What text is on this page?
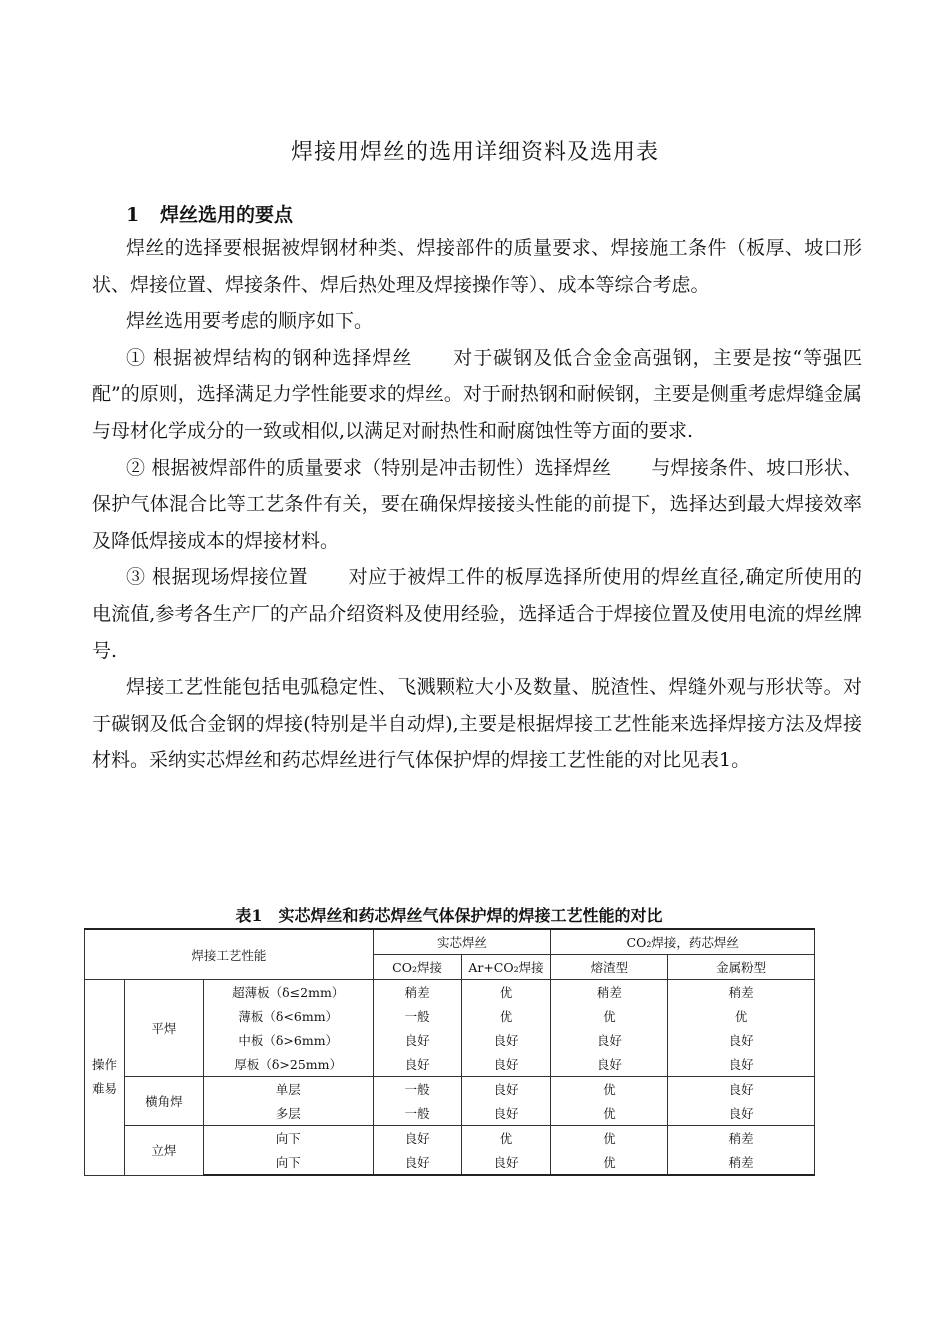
焊接用焊丝的选用详细资料及选用表
1 焊丝选用的要点

焊丝的选择要根据被焊钢材种类、焊接部件的质量要求、焊接施工条件（板厚、坡口形状、焊接位置、焊接条件、焊后热处理及焊接操作等）、成本等综合考虑。

焊丝选用要考虑的顺序如下。

① 根据被焊结构的钢种选择焊丝 对于碳钢及低合金金高强钢，主要是按“等强匹配”的原则，选择满足力学性能要求的焊丝。对于耐热钢和耐候钢，主要是侧重考虑焊缝金属与母材化学成分的一致或相似,以满足对耐热性和耐腐蚀性等方面的要求.

② 根据被焊部件的质量要求（特别是冲击韧性）选择焊丝 与焊接条件、坡口形状、保护气体混合比等工艺条件有关，要在确保焊接接头性能的前提下，选择达到最大焊接效率及降低焊接成本的焊接材料。

③ 根据现场焊接位置 对应于被焊工件的板厚选择所使用的焊丝直径,确定所使用的电流值,参考各生产厂的产品介绍资料及使用经验，选择适合于焊接位置及使用电流的焊丝牌号.

焊接工艺性能包括电弧稳定性、飞溅颗粒大小及数量、脱渣性、焊缝外观与形状等。对于碳钢及低合金钢的焊接(特别是半自动焊),主要是根据焊接工艺性能来选择焊接方法及焊接材料。采纳实芯焊丝和药芯焊丝进行气体保护焊的焊接工艺性能的对比见表1。

表1　实芯焊丝和药芯焊丝气体保护焊的焊接工艺性能的对比
焊接工艺性能			实芯焊丝		CO₂焊接，药芯焊丝	
			CO₂焊接	Ar+CO₂焊接	熔渣型	金属粉型
操作难易	平焊	超薄板（δ≤2mm）	稍差	优	稍差	稍差
		薄板（δ<6mm）	一般	优	优	优
		中板（δ>6mm）	良好	良好	良好	良好
		厚板（δ>25mm）	良好	良好	良好	良好
	横角焊	单层	一般	良好	优	良好
		多层	一般	良好	优	良好
	立焊	向下	良好	优	优	稍差
		向下	良好	良好	优	稍差
